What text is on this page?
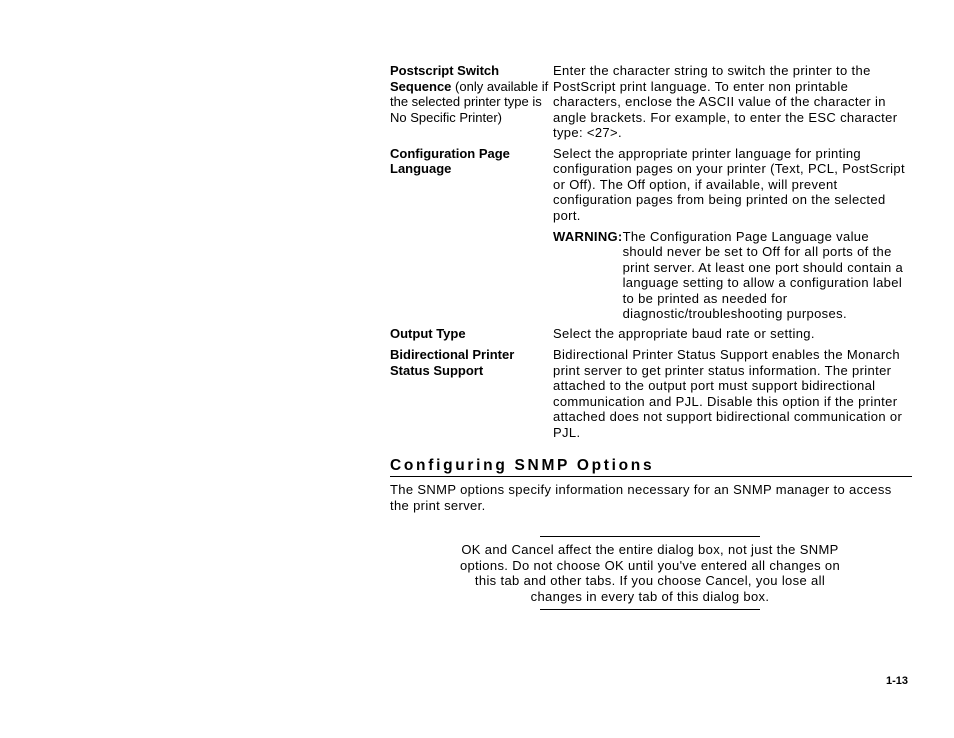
Postscript Switch Sequence (only available if the selected printer type is No Specific Printer)
Enter the character string to switch the printer to the PostScript print language. To enter non printable characters, enclose the ASCII value of the character in angle brackets. For example, to enter the ESC character type: <27>.
Configuration Page Language
Select the appropriate printer language for printing configuration pages on your printer (Text, PCL, PostScript or Off). The Off option, if available, will prevent configuration pages from being printed on the selected port.
WARNING: The Configuration Page Language value should never be set to Off for all ports of the print server. At least one port should contain a language setting to allow a configuration label to be printed as needed for diagnostic/troubleshooting purposes.
Output Type	Select the appropriate baud rate or setting.
Bidirectional Printer Status Support
Bidirectional Printer Status Support enables the Monarch print server to get printer status information. The printer attached to the output port must support bidirectional communication and PJL. Disable this option if the printer attached does not support bidirectional communication or PJL.
Configuring SNMP Options
The SNMP options specify information necessary for an SNMP manager to access the print server.
OK and Cancel affect the entire dialog box, not just the SNMP options. Do not choose OK until you've entered all changes on this tab and other tabs. If you choose Cancel, you lose all changes in every tab of this dialog box.
1-13
